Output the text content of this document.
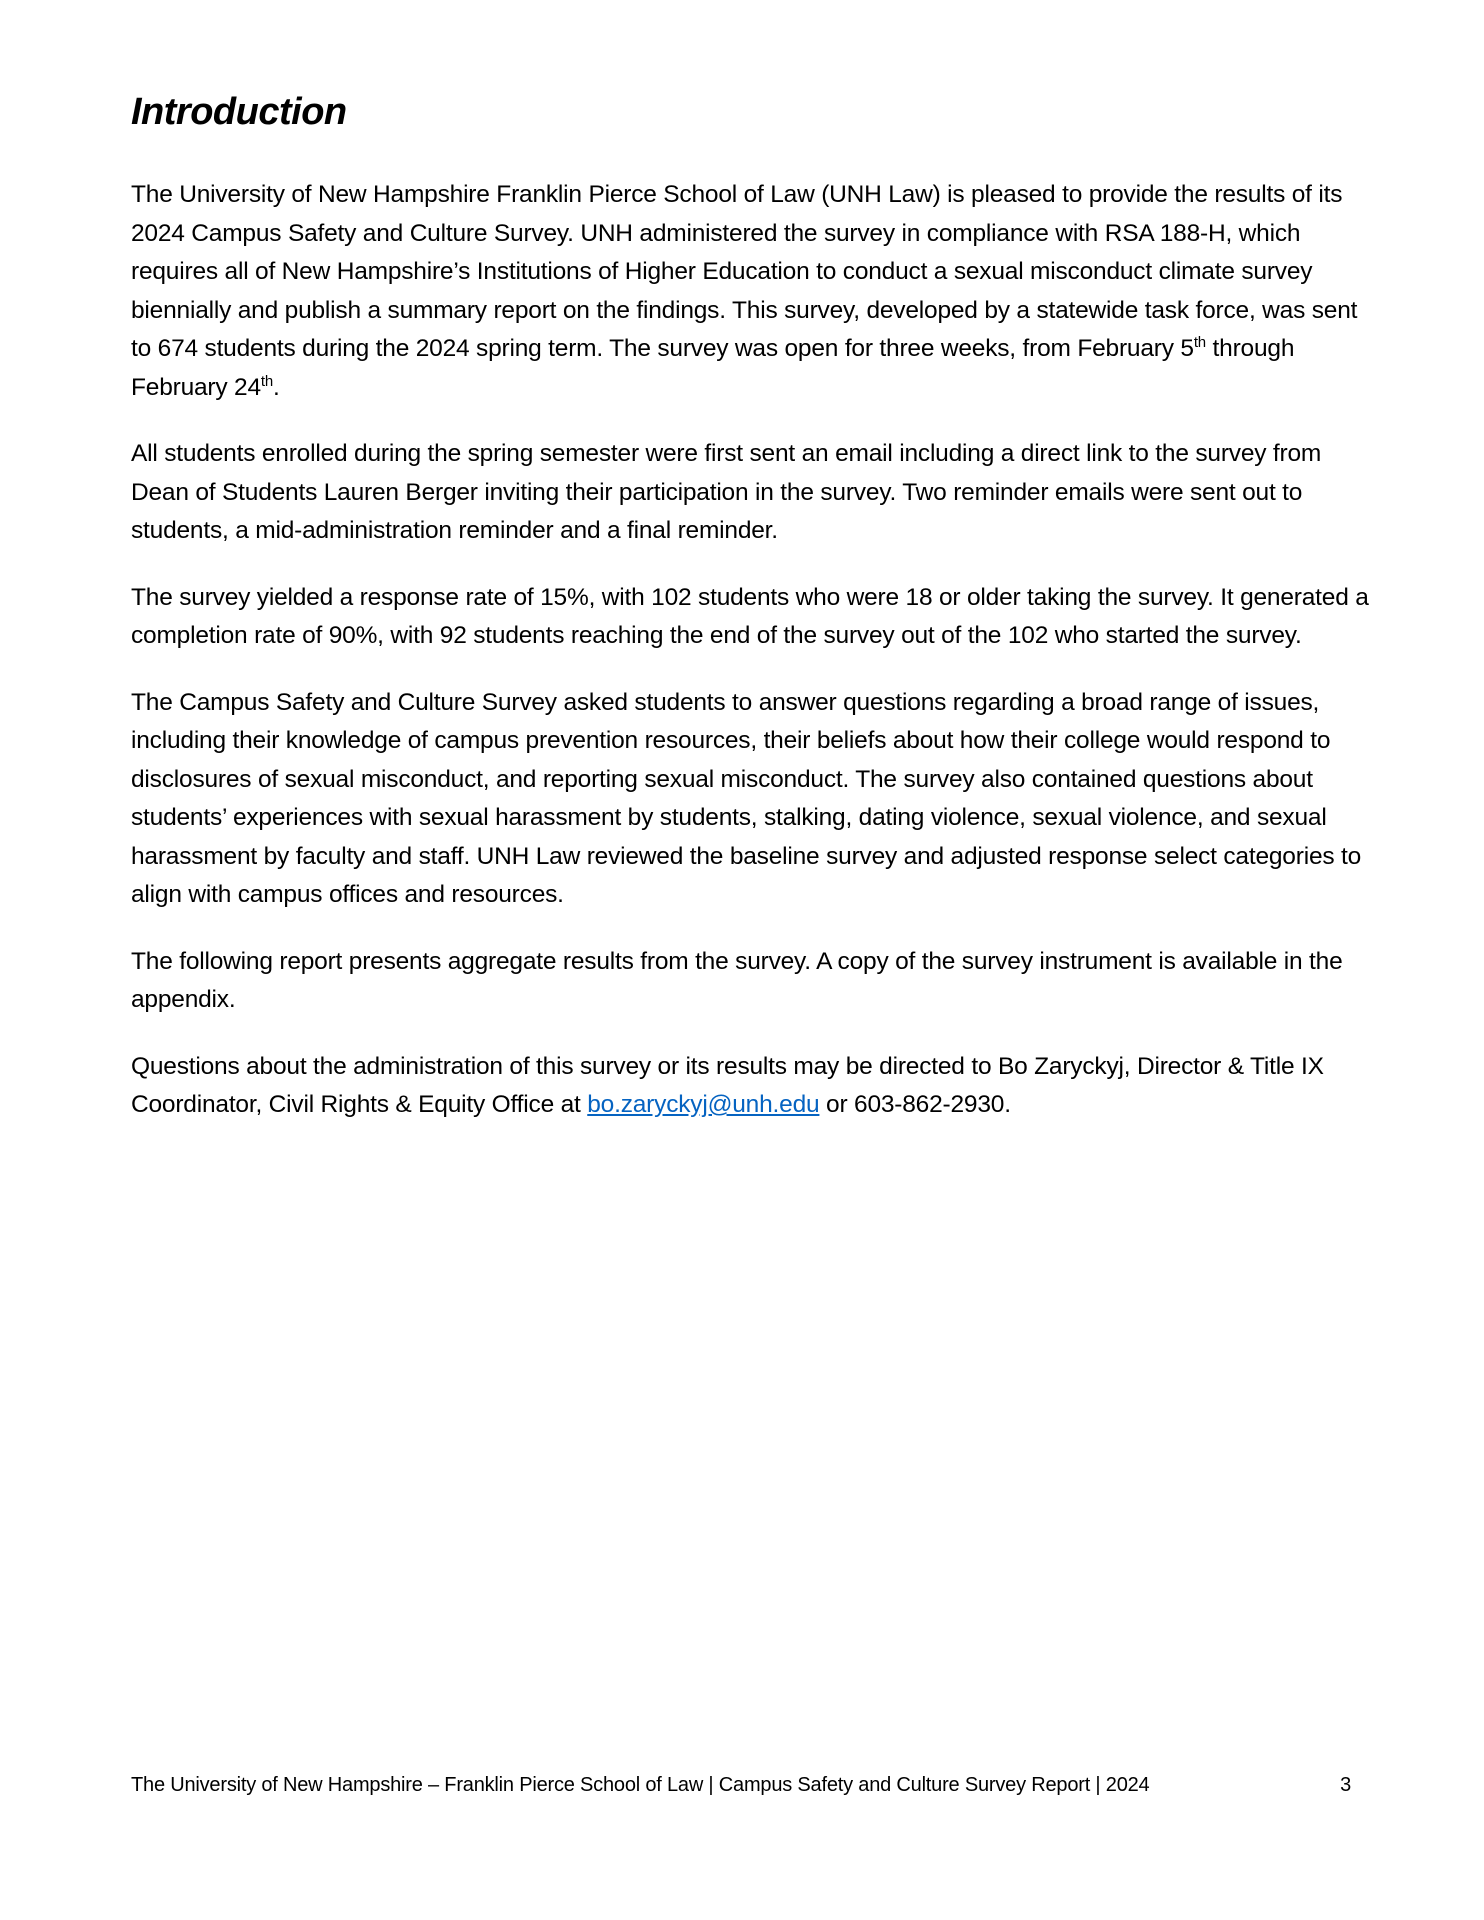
Introduction

The University of New Hampshire Franklin Pierce School of Law (UNH Law) is pleased to provide the results of its 2024 Campus Safety and Culture Survey. UNH administered the survey in compliance with RSA 188-H, which requires all of New Hampshire’s Institutions of Higher Education to conduct a sexual misconduct climate survey biennially and publish a summary report on the findings. This survey, developed by a statewide task force, was sent to 674 students during the 2024 spring term. The survey was open for three weeks, from February 5th through February 24th.

All students enrolled during the spring semester were first sent an email including a direct link to the survey from Dean of Students Lauren Berger inviting their participation in the survey. Two reminder emails were sent out to students, a mid-administration reminder and a final reminder.

The survey yielded a response rate of 15%, with 102 students who were 18 or older taking the survey. It generated a completion rate of 90%, with 92 students reaching the end of the survey out of the 102 who started the survey.

The Campus Safety and Culture Survey asked students to answer questions regarding a broad range of issues, including their knowledge of campus prevention resources, their beliefs about how their college would respond to disclosures of sexual misconduct, and reporting sexual misconduct. The survey also contained questions about students’ experiences with sexual harassment by students, stalking, dating violence, sexual violence, and sexual harassment by faculty and staff. UNH Law reviewed the baseline survey and adjusted response select categories to align with campus offices and resources.

The following report presents aggregate results from the survey. A copy of the survey instrument is available in the appendix.

Questions about the administration of this survey or its results may be directed to Bo Zaryckyj, Director & Title IX Coordinator, Civil Rights & Equity Office at bo.zaryckyj@unh.edu or 603-862-2930.

The University of New Hampshire – Franklin Pierce School of Law | Campus Safety and Culture Survey Report | 2024	3
